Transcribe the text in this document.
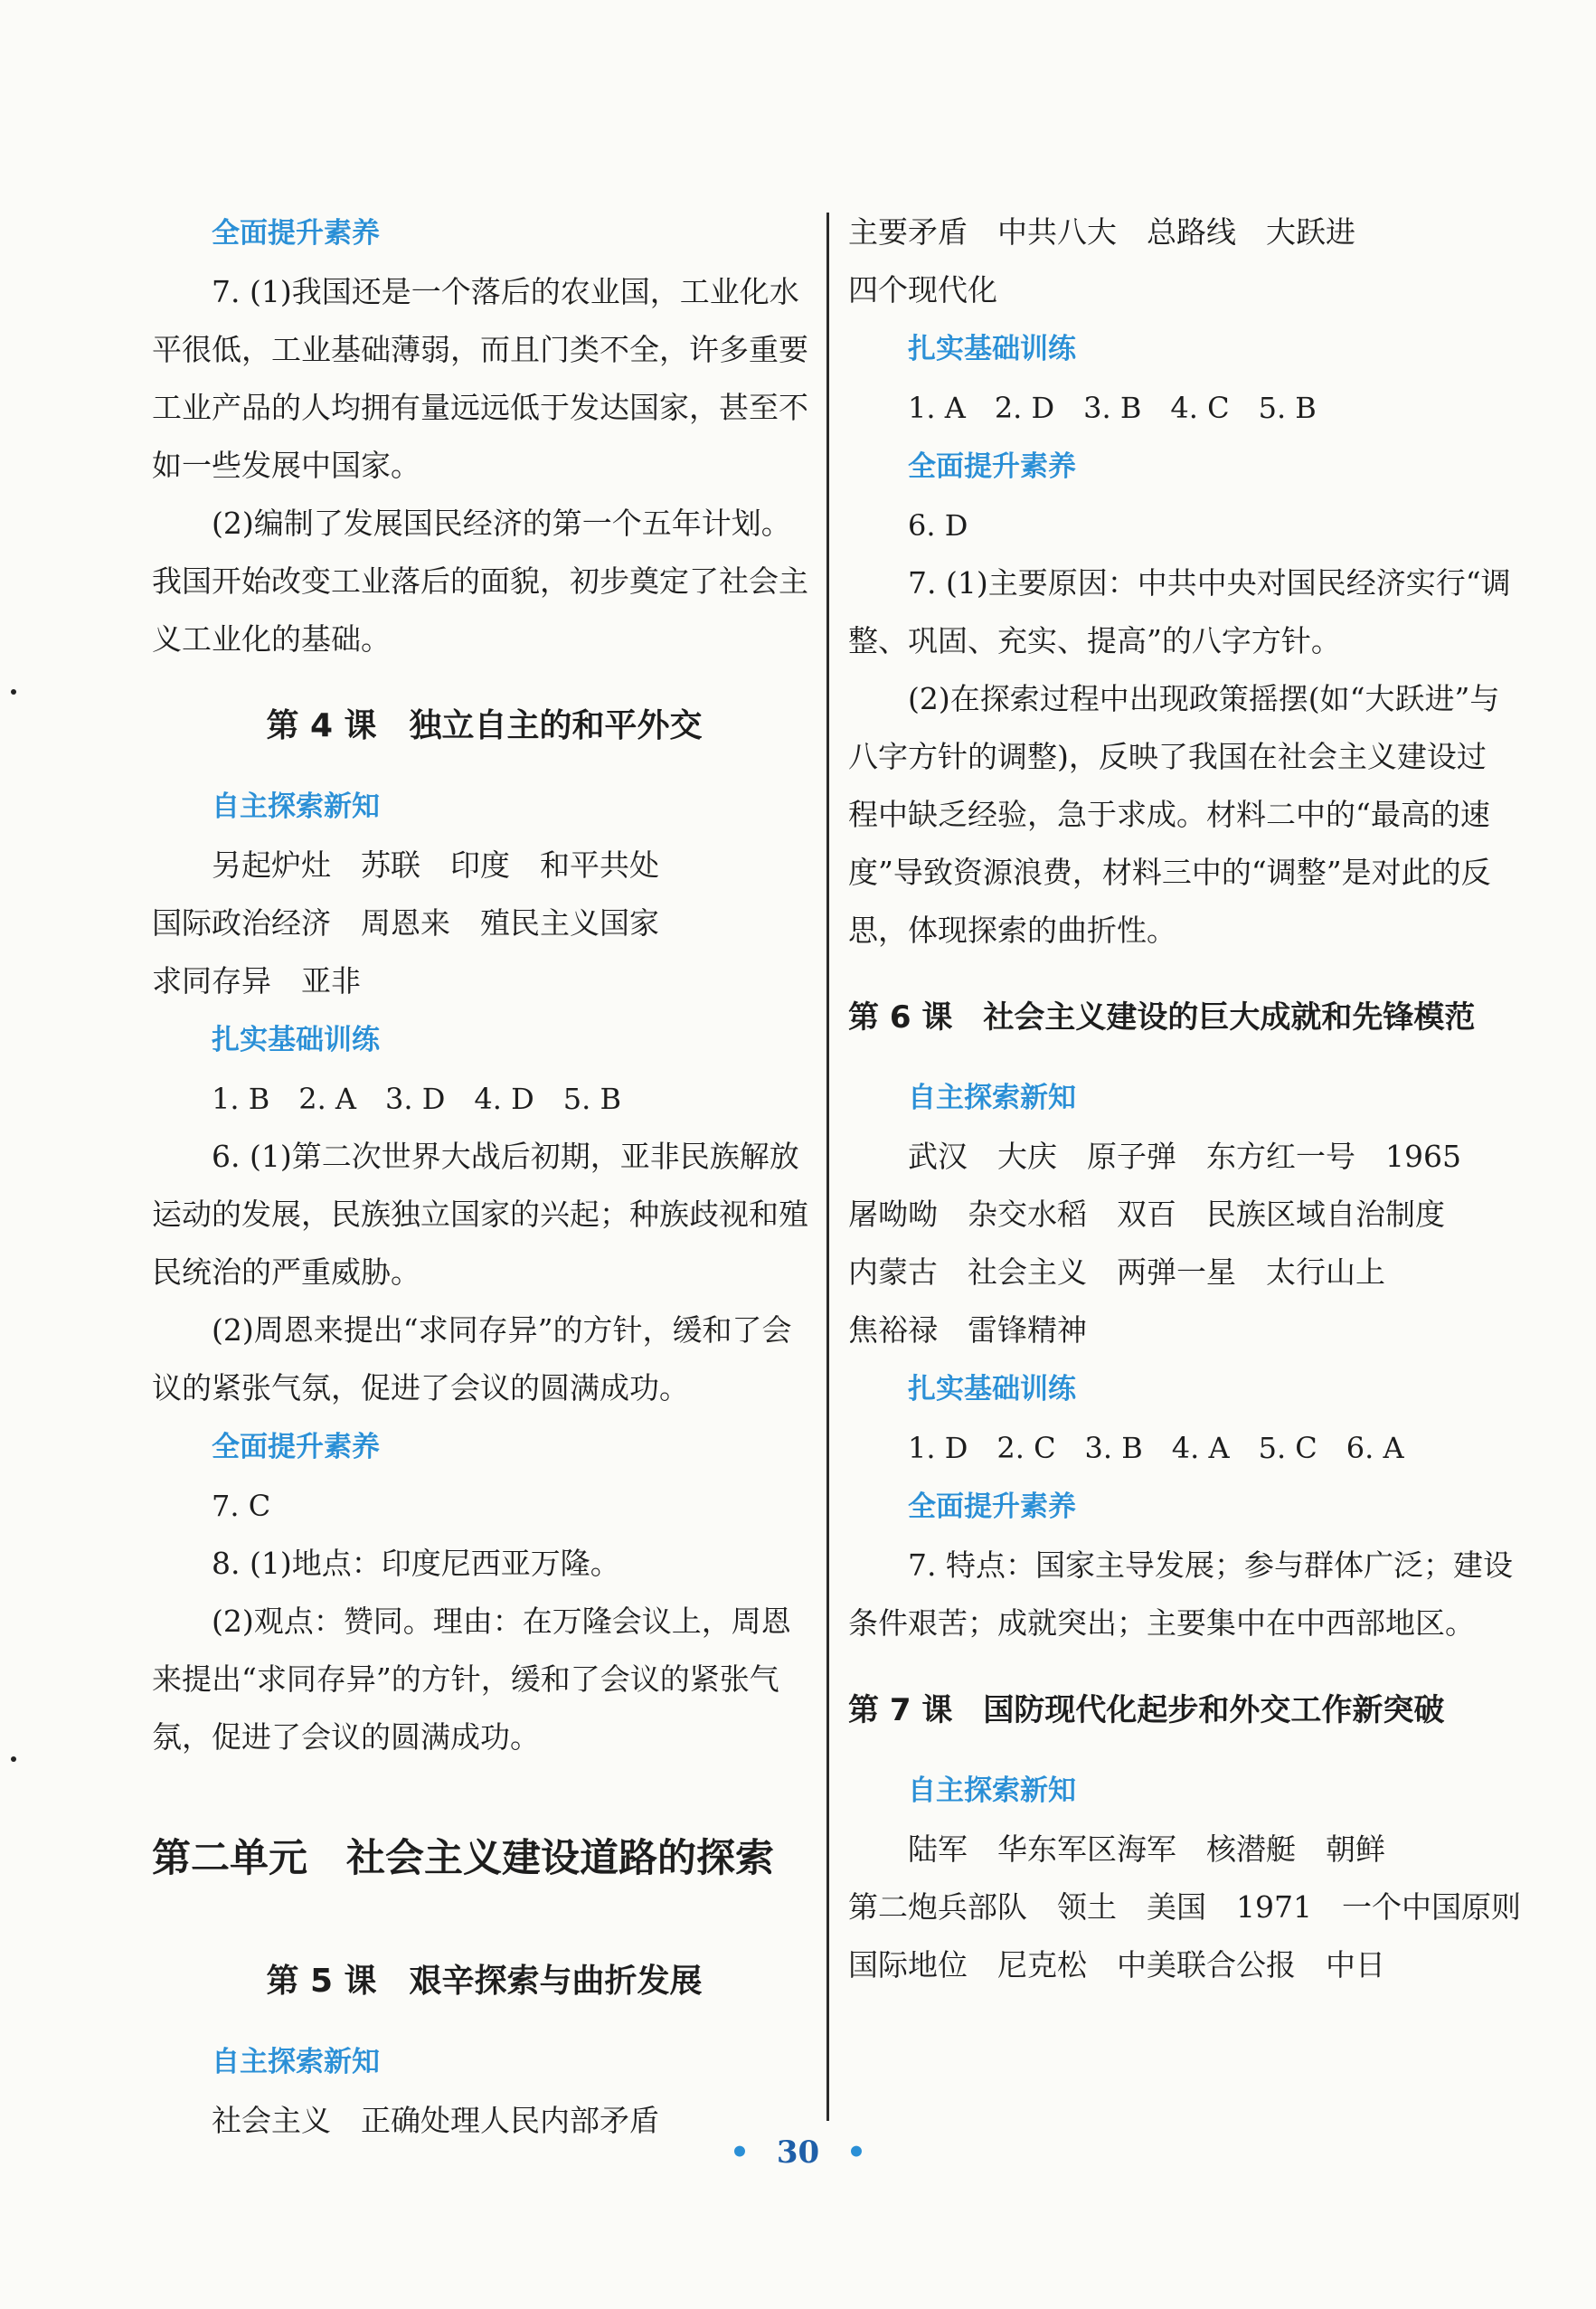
全面提升素养

7. (1)我国还是一个落后的农业国，工业化水平很低，工业基础薄弱，而且门类不全，许多重要工业产品的人均拥有量远远低于发达国家，甚至不如一些发展中国家。

(2)编制了发展国民经济的第一个五年计划。我国开始改变工业落后的面貌，初步奠定了社会主义工业化的基础。

第 4 课　独立自主的和平外交
自主探索新知

另起炉灶　苏联　印度　和平共处

国际政治经济　周恩来　殖民主义国家

求同存异　亚非

扎实基础训练

1. B　2. A　3. D　4. D　5. B

6. (1)第二次世界大战后初期，亚非民族解放运动的发展，民族独立国家的兴起；种族歧视和殖民统治的严重威胁。

(2)周恩来提出“求同存异”的方针，缓和了会议的紧张气氛，促进了会议的圆满成功。

全面提升素养

7. C

8. (1)地点：印度尼西亚万隆。

(2)观点：赞同。理由：在万隆会议上，周恩来提出“求同存异”的方针，缓和了会议的紧张气氛，促进了会议的圆满成功。

第二单元　社会主义建设道路的探索
第 5 课　艰辛探索与曲折发展
自主探索新知

社会主义　正确处理人民内部矛盾

主要矛盾　中共八大　总路线　大跃进

四个现代化

扎实基础训练

1. A　2. D　3. B　4. C　5. B

全面提升素养

6. D

7. (1)主要原因：中共中央对国民经济实行“调整、巩固、充实、提高”的八字方针。

(2)在探索过程中出现政策摇摆(如“大跃进”与八字方针的调整)，反映了我国在社会主义建设过程中缺乏经验，急于求成。材料二中的“最高的速度”导致资源浪费，材料三中的“调整”是对此的反思，体现探索的曲折性。

第 6 课　社会主义建设的巨大成就和先锋模范
自主探索新知

武汉　大庆　原子弹　东方红一号　1965

屠呦呦　杂交水稻　双百　民族区域自治制度

内蒙古　社会主义　两弹一星　太行山上

焦裕禄　雷锋精神

扎实基础训练

1. D　2. C　3. B　4. A　5. C　6. A

全面提升素养

7. 特点：国家主导发展；参与群体广泛；建设条件艰苦；成就突出；主要集中在中西部地区。

第 7 课　国防现代化起步和外交工作新突破
自主探索新知

陆军　华东军区海军　核潜艇　朝鲜

第二炮兵部队　领土　美国　1971　一个中国原则

国际地位　尼克松　中美联合公报　中日

• 30 •
